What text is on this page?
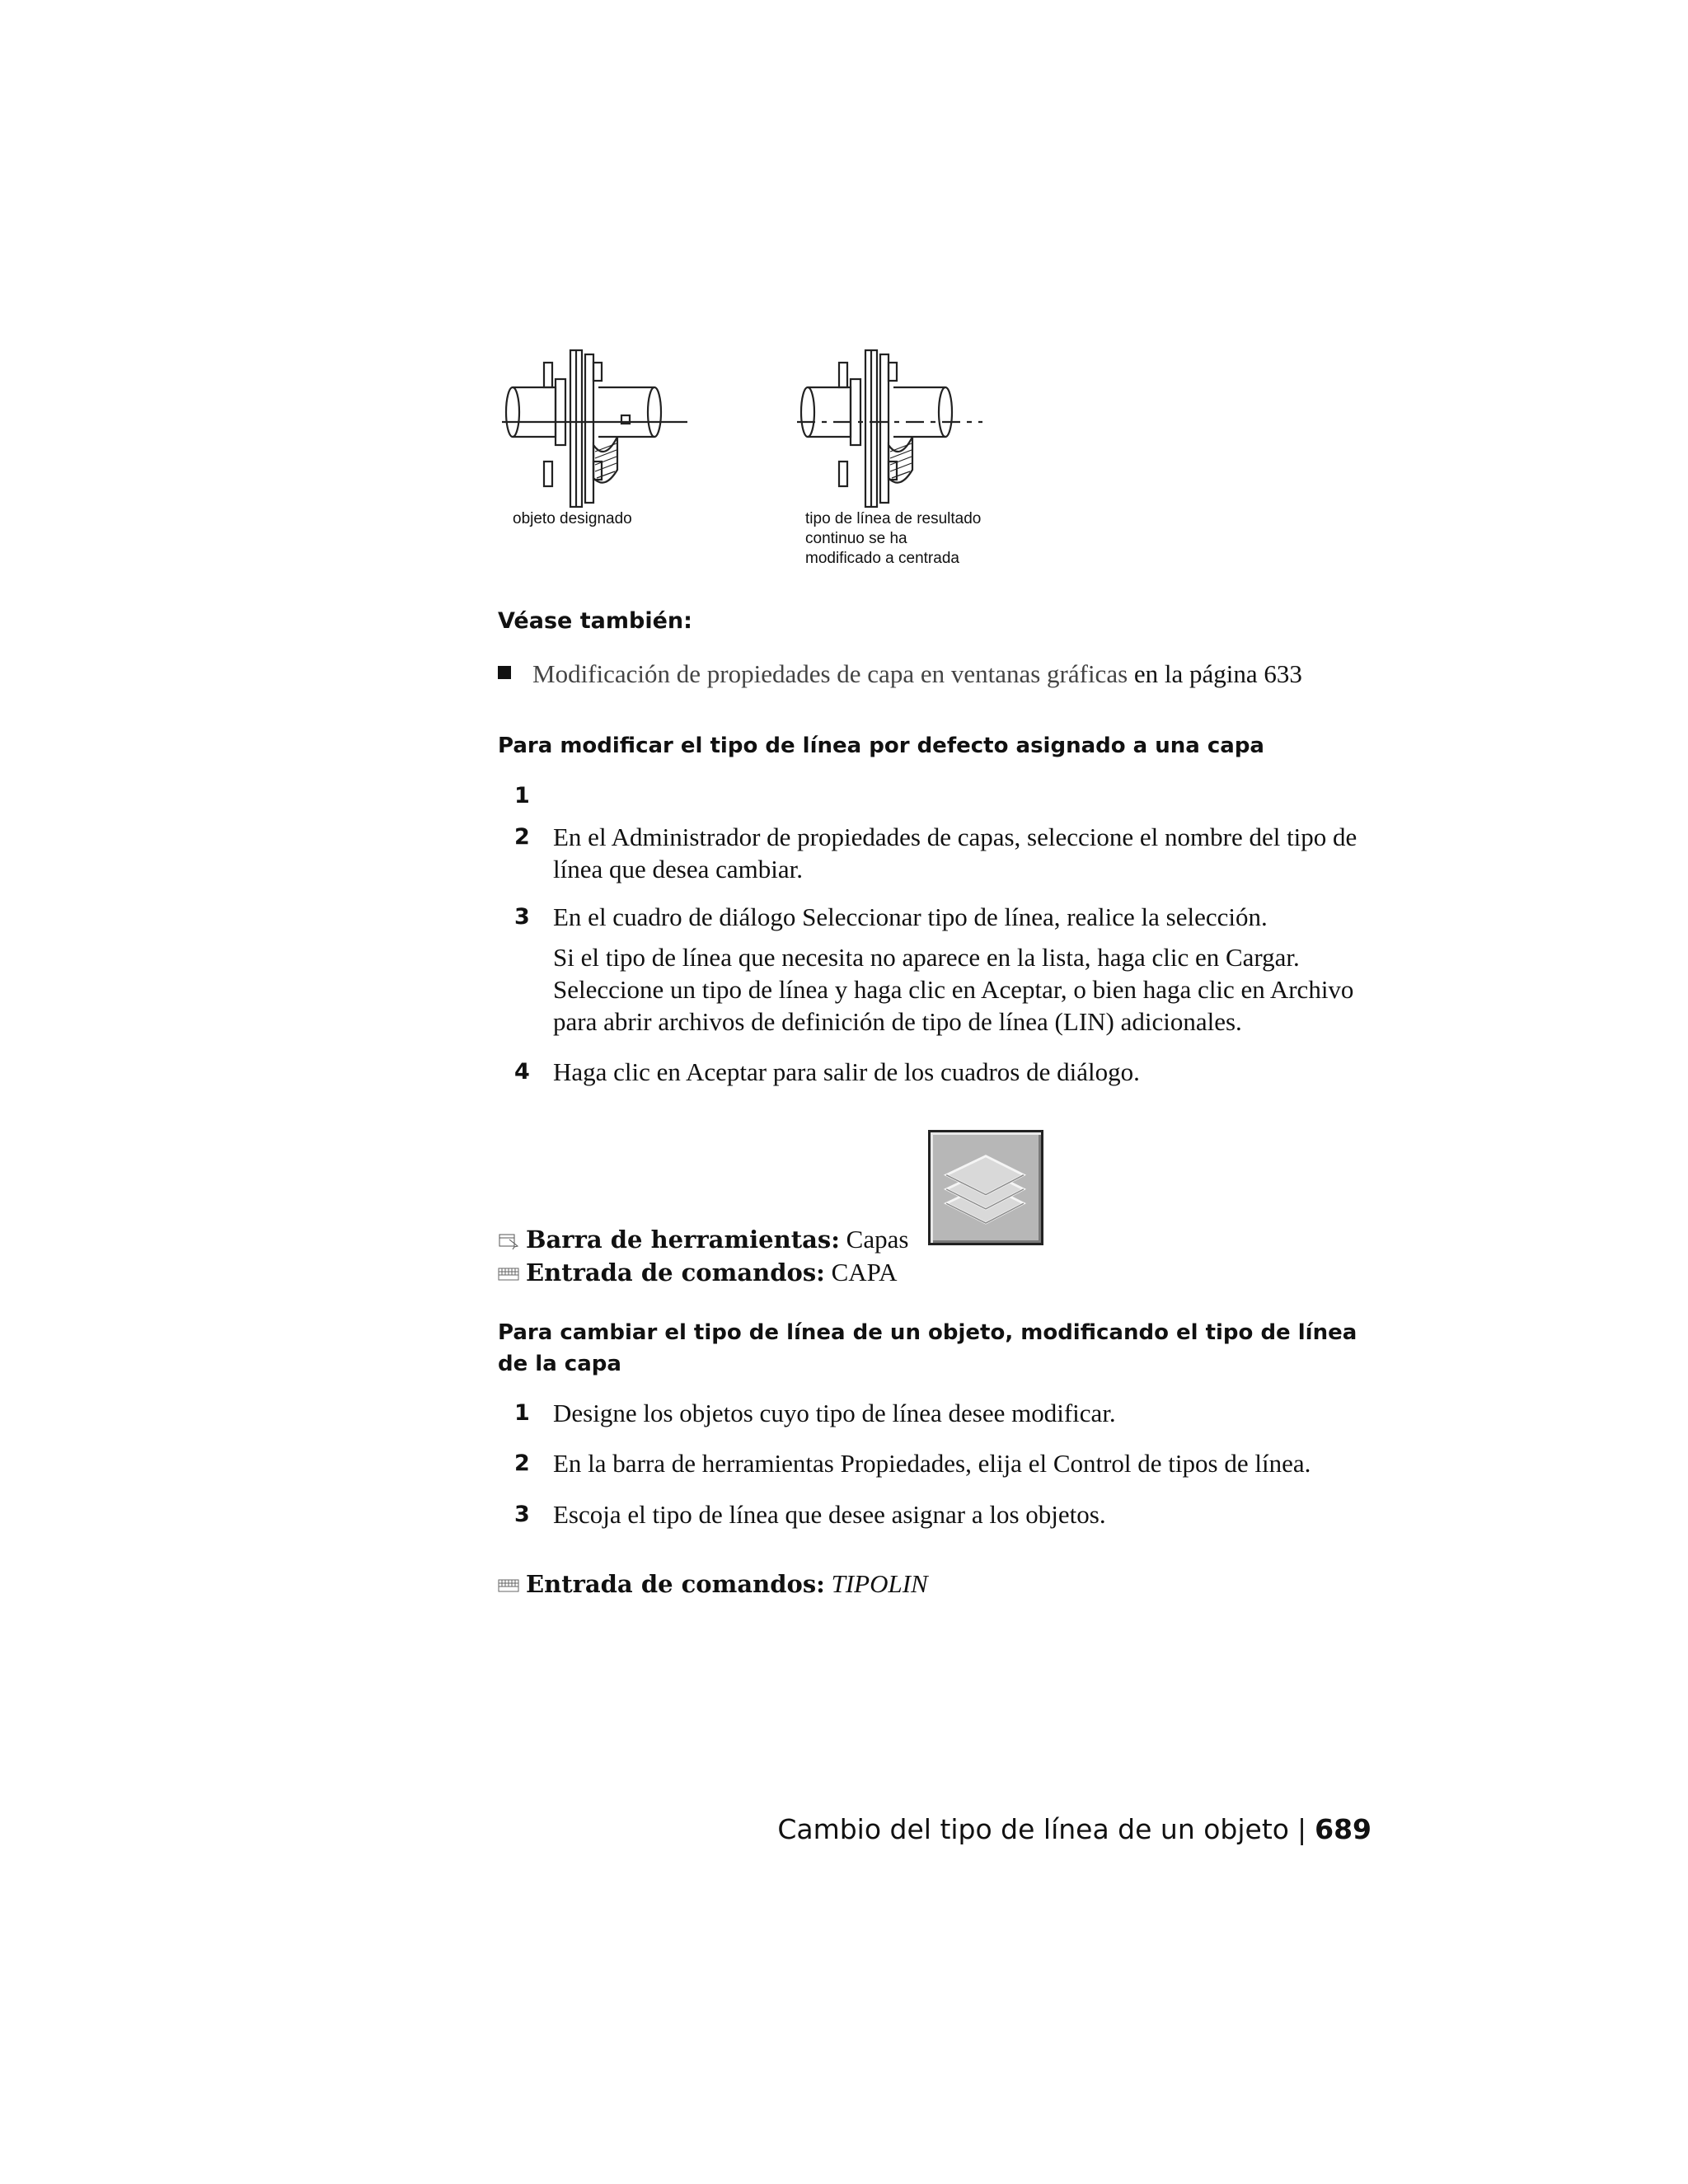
objeto designado	tipo de línea de resultado
continuo se ha
modificado a centrada
Véase también:
Modificación de propiedades de capa en ventanas gráficas en la página 633
Para modificar el tipo de línea por defecto asignado a una capa
1
2 En el Administrador de propiedades de capas, seleccione el nombre del tipo de línea que desea cambiar.
3 En el cuadro de diálogo Seleccionar tipo de línea, realice la selección.
Si el tipo de línea que necesita no aparece en la lista, haga clic en Cargar. Seleccione un tipo de línea y haga clic en Aceptar, o bien haga clic en Archivo para abrir archivos de definición de tipo de línea (LIN) adicionales.
4 Haga clic en Aceptar para salir de los cuadros de diálogo.
Barra de herramientas: Capas
Entrada de comandos: CAPA
Para cambiar el tipo de línea de un objeto, modificando el tipo de línea de la capa
1 Designe los objetos cuyo tipo de línea desee modificar.
2 En la barra de herramientas Propiedades, elija el Control de tipos de línea.
3 Escoja el tipo de línea que desee asignar a los objetos.
Entrada de comandos: TIPOLIN
Cambio del tipo de línea de un objeto | 689
